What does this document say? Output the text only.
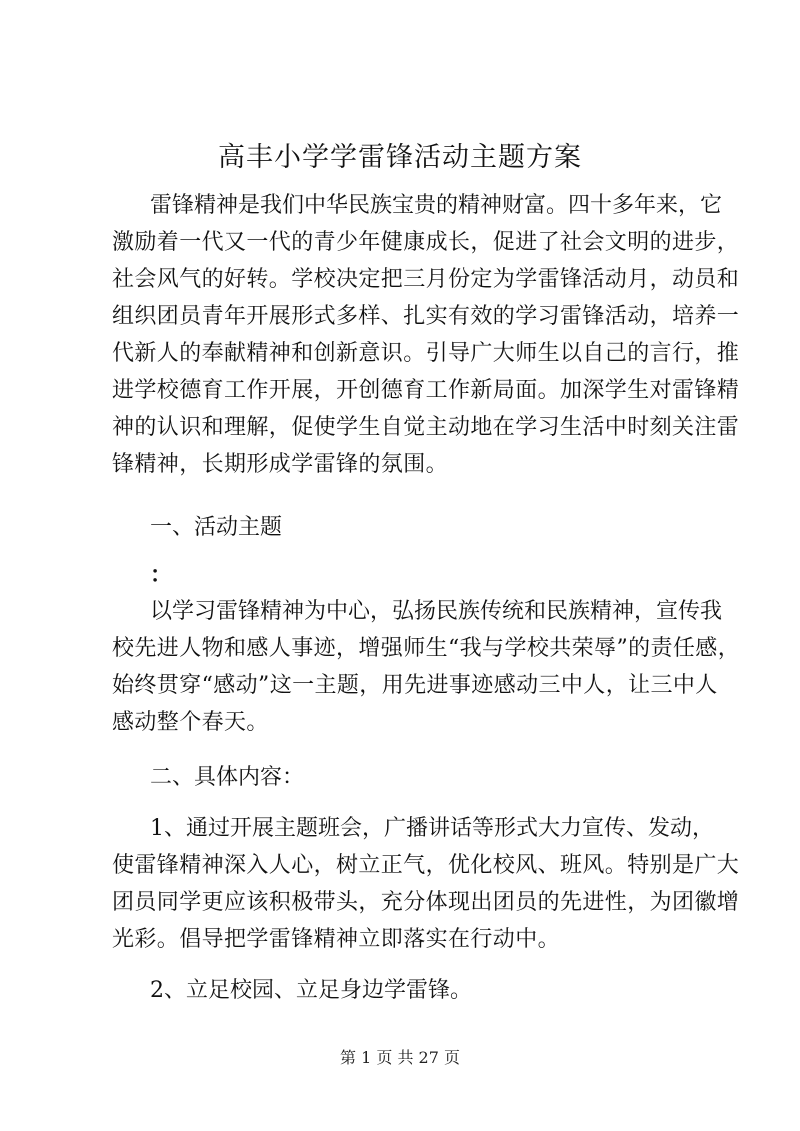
高丰小学学雷锋活动主题方案
雷锋精神是我们中华民族宝贵的精神财富。四十多年来，它
激励着一代又一代的青少年健康成长，促进了社会文明的进步，
社会风气的好转。学校决定把三月份定为学雷锋活动月，动员和
组织团员青年开展形式多样、扎实有效的学习雷锋活动，培养一
代新人的奉献精神和创新意识。引导广大师生以自己的言行，推
进学校德育工作开展，开创德育工作新局面。加深学生对雷锋精
神的认识和理解，促使学生自觉主动地在学习生活中时刻关注雷
锋精神，长期形成学雷锋的氛围。
一、活动主题
：
以学习雷锋精神为中心，弘扬民族传统和民族精神，宣传我
校先进人物和感人事迹，增强师生“我与学校共荣辱”的责任感，
始终贯穿“感动”这一主题，用先进事迹感动三中人，让三中人
感动整个春天。
二、具体内容：
1、通过开展主题班会，广播讲话等形式大力宣传、发动，
使雷锋精神深入人心，树立正气，优化校风、班风。特别是广大
团员同学更应该积极带头，充分体现出团员的先进性，为团徽增
光彩。倡导把学雷锋精神立即落实在行动中。
2、立足校园、立足身边学雷锋。
第 1 页 共 27 页
